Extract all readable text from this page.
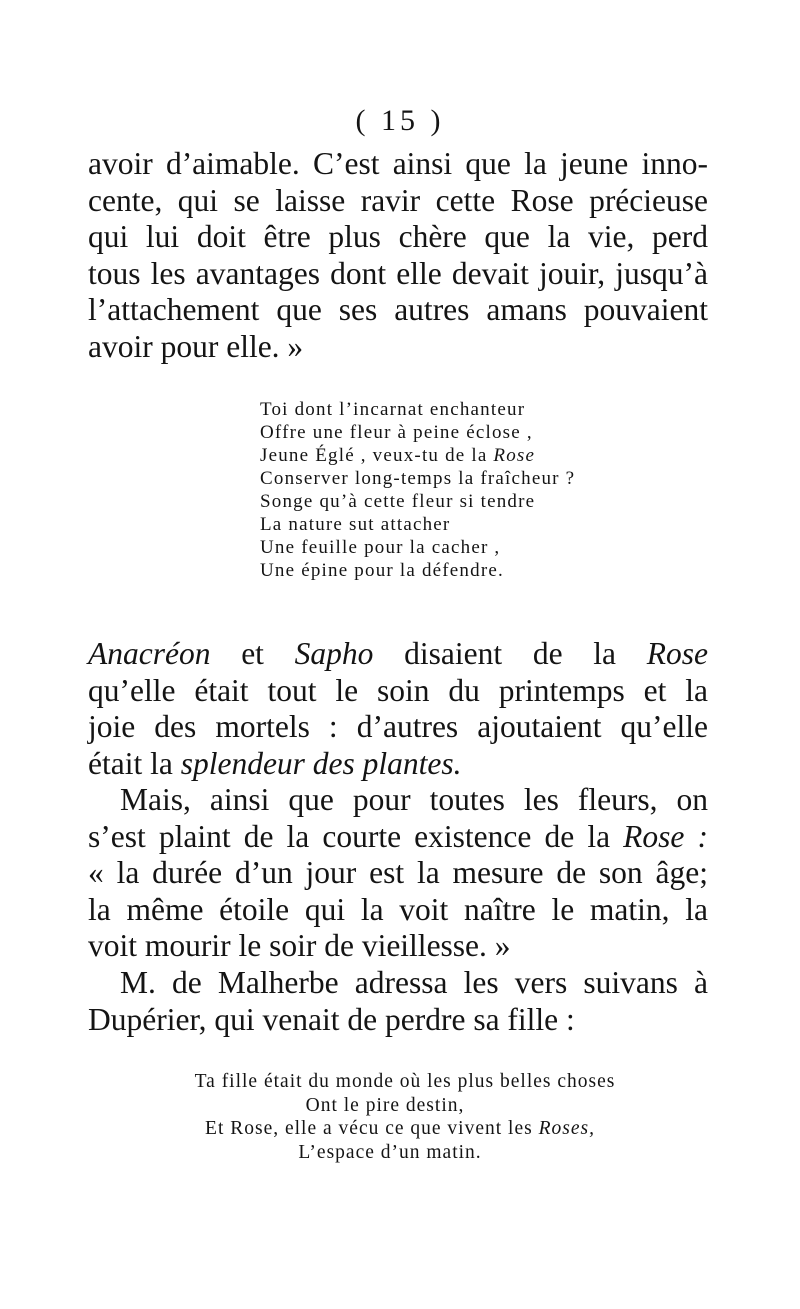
( 15 )
avoir d’aimable. C’est ainsi que la jeune inno-
cente, qui se laisse ravir cette Rose précieuse
qui lui doit être plus chère que la vie, perd
tous les avantages dont elle devait jouir, jusqu’à
l’attachement que ses autres amans pouvaient
avoir pour elle. »
Toi dont l’incarnat enchanteur
Offre une fleur à peine éclose ,
Jeune Églé , veux-tu de la Rose
Conserver long-temps la fraîcheur ?
Songe qu’à cette fleur si tendre
La nature sut attacher
Une feuille pour la cacher ,
Une épine pour la défendre.
Anacréon et Sapho disaient de la Rose
qu’elle était tout le soin du printemps et la
joie des mortels : d’autres ajoutaient qu’elle
était la splendeur des plantes.
Mais, ainsi que pour toutes les fleurs, on
s’est plaint de la courte existence de la Rose :
« la durée d’un jour est la mesure de son âge;
la même étoile qui la voit naître le matin, la
voit mourir le soir de vieillesse. »
M. de Malherbe adressa les vers suivans à
Dupérier, qui venait de perdre sa fille :
Ta fille était du monde où les plus belles choses
Ont le pire destin,
Et Rose, elle a vécu ce que vivent les Roses,
L’espace d’un matin.
